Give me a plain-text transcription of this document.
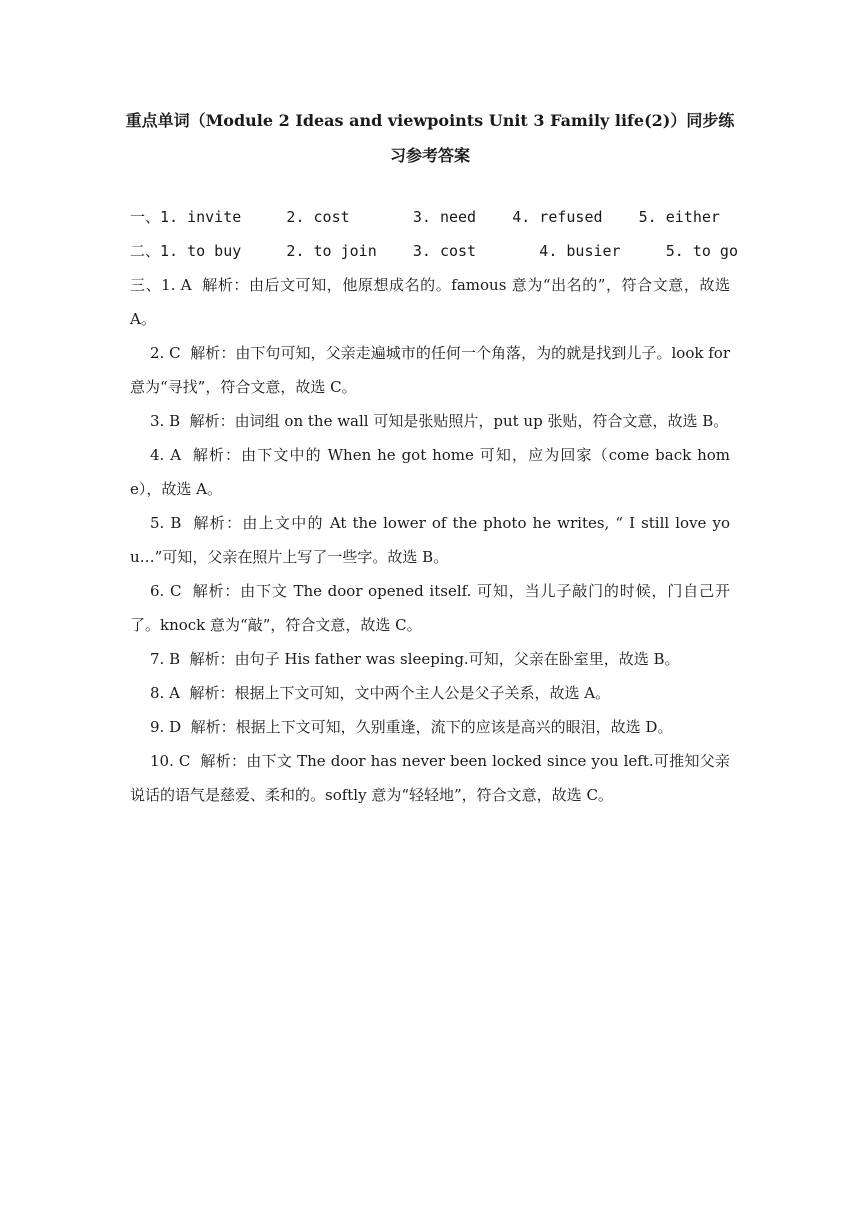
重点单词（Module 2 Ideas and viewpoints Unit 3 Family life(2)）同步练
习参考答案
一、1. invite     2. cost       3. need    4. refused    5. either
二、1. to buy     2. to join    3. cost       4. busier     5. to go

三、1. A 解析：由后文可知，他原想成名的。famous 意为“出名的”，符合文意，故选 A。

2. C 解析：由下句可知，父亲走遍城市的任何一个角落，为的就是找到儿子。look for 意为“寻找”，符合文意，故选 C。

3. B 解析：由词组 on the wall 可知是张贴照片，put up 张贴，符合文意，故选 B。

4. A 解析：由下文中的 When he got home 可知，应为回家（come back home），故选 A。

5. B 解析：由上文中的 At the lower of the photo he writes, “ I still love you…”可知，父亲在照片上写了一些字。故选 B。

6. C 解析：由下文 The door opened itself. 可知，当儿子敲门的时候，门自己开了。knock 意为“敲”，符合文意，故选 C。

7. B 解析：由句子 His father was sleeping.可知，父亲在卧室里，故选 B。

8. A 解析：根据上下文可知，文中两个主人公是父子关系，故选 A。

9. D 解析：根据上下文可知，久别重逢，流下的应该是高兴的眼泪，故选 D。

10. C 解析：由下文 The door has never been locked since you left.可推知父亲说话的语气是慈爱、柔和的。softly 意为“轻轻地”，符合文意，故选 C。
